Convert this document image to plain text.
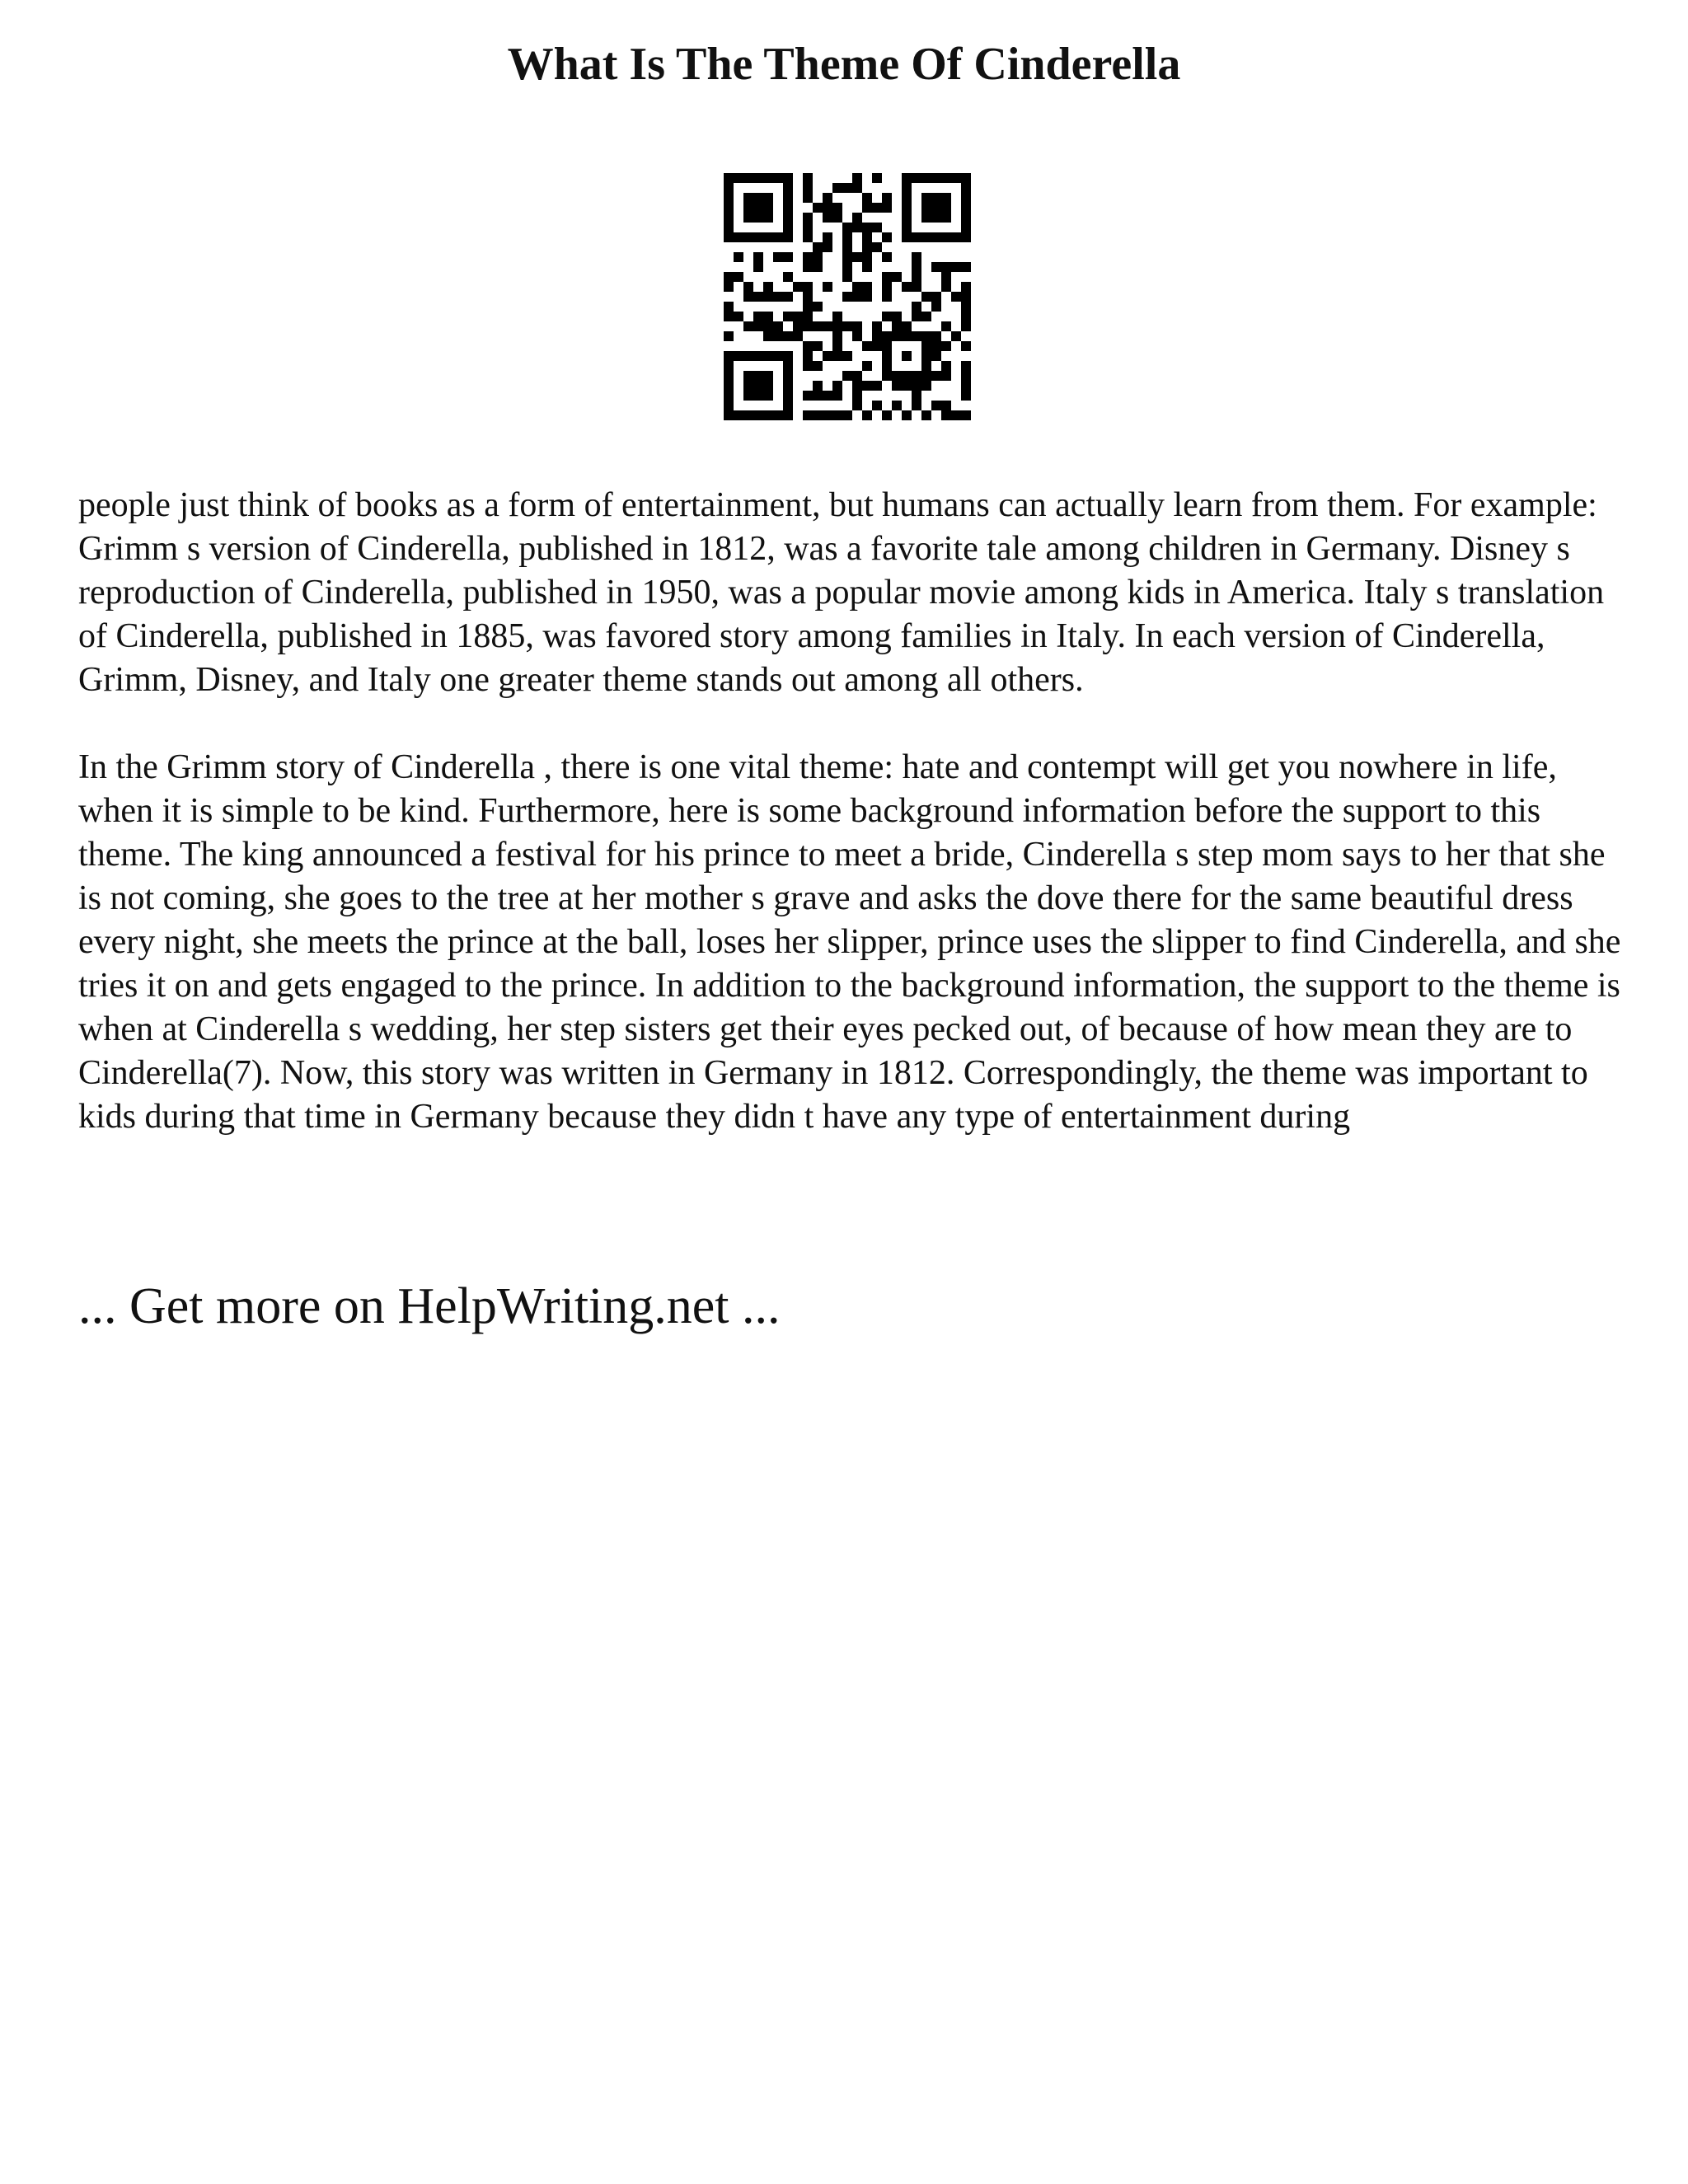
What Is The Theme Of Cinderella

people just think of books as a form of entertainment, but humans can actually learn from them. For example: Grimm s version of Cinderella, published in 1812, was a favorite tale among children in Germany. Disney s reproduction of Cinderella, published in 1950, was a popular movie among kids in America. Italy s translation of Cinderella, published in 1885, was favored story among families in Italy. In each version of Cinderella, Grimm, Disney, and Italy one greater theme stands out among all others.

In the Grimm story of Cinderella , there is one vital theme: hate and contempt will get you nowhere in life, when it is simple to be kind. Furthermore, here is some background information before the support to this theme. The king announced a festival for his prince to meet a bride, Cinderella s step mom says to her that she is not coming, she goes to the tree at her mother s grave and asks the dove there for the same beautiful dress every night, she meets the prince at the ball, loses her slipper, prince uses the slipper to find Cinderella, and she tries it on and gets engaged to the prince. In addition to the background information, the support to the theme is when at Cinderella s wedding, her step sisters get their eyes pecked out, of because of how mean they are to Cinderella(7). Now, this story was written in Germany in 1812. Correspondingly, the theme was important to kids during that time in Germany because they didn t have any type of entertainment during

... Get more on HelpWriting.net ...
